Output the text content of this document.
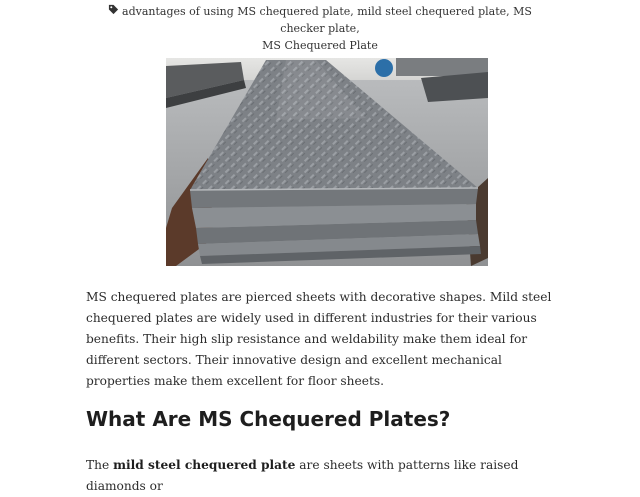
advantages of using MS chequered plate, mild steel chequered plate, MS checker plate,
MS Chequered Plate

MS chequered plates are pierced sheets with decorative shapes. Mild steel chequered plates are widely used in different industries for their various benefits. Their high slip resistance and weldability make them ideal for different sectors. Their innovative design and excellent mechanical properties make them excellent for floor sheets.

What Are MS Chequered Plates?

The mild steel chequered plate are sheets with patterns like raised diamonds or
